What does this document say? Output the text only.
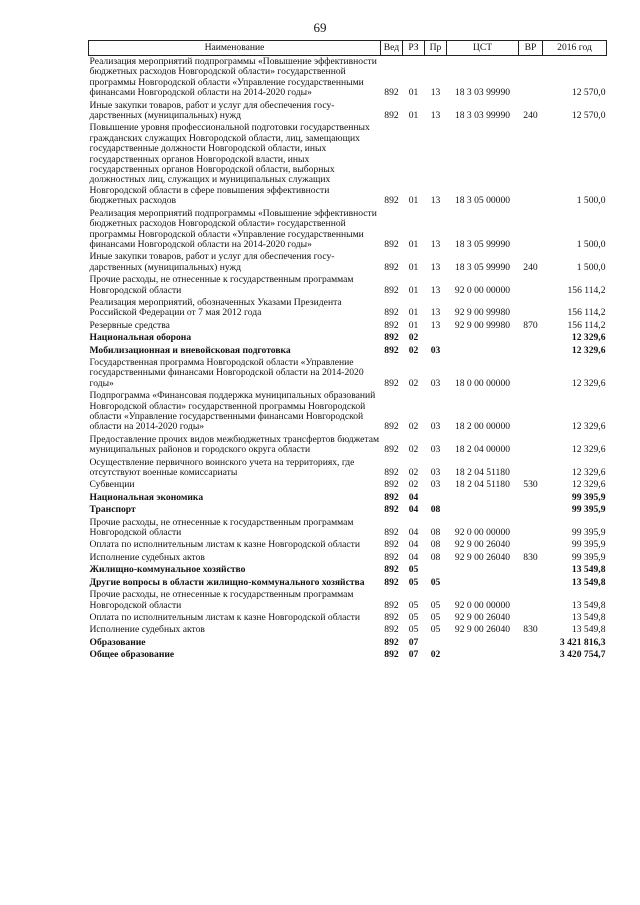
69
Наименование	Вед	РЗ	Пр	ЦСТ	ВР	2016 год
Реализация мероприятий подпрограммы «Повышение эффективности бюджетных расходов Новгородской области» государственной программы Новгородской области «Управление государственными финансами Новгородской области на 2014-2020 годы»	892	01	13	18 3 03 99990		12 570,0
Иные закупки товаров, работ и услуг для обеспечения государственных (муниципальных) нужд	892	01	13	18 3 03 99990	240	12 570,0
Повышение уровня профессиональной подготовки государственных гражданских служащих Новгородской области, лиц, замещающих государственные должности Новгородской области, иных государственных органов Новгородской власти, иных государственных органов Новгородской области, выборных должностных лиц, служащих и муниципальных служащих Новгородской области в сфере повышения эффективности бюджетных расходов	892	01	13	18 3 05 00000		1 500,0
Реализация мероприятий подпрограммы «Повышение эффективности бюджетных расходов Новгородской области» государственной программы Новгородской области «Управление государственными финансами Новгородской области на 2014-2020 годы»	892	01	13	18 3 05 99990		1 500,0
Иные закупки товаров, работ и услуг для обеспечения государственных (муниципальных) нужд	892	01	13	18 3 05 99990	240	1 500,0
Прочие расходы, не отнесенные к государственным программам Новгородской области	892	01	13	92 0 00 00000		156 114,2
Реализация мероприятий, обозначенных Указами Президента Российской Федерации от 7 мая 2012 года	892	01	13	92 9 00 99980		156 114,2
Резервные средства	892	01	13	92 9 00 99980	870	156 114,2
Национальная оборона	892	02				12 329,6
Мобилизационная и вневойсковая подготовка	892	02	03			12 329,6
Государственная программа Новгородской области «Управление государственными финансами Новгородской области на 2014-2020 годы»	892	02	03	18 0 00 00000		12 329,6
Подпрограмма «Финансовая поддержка муниципальных образований Новгородской области» государственной программы Новгородской области «Управление государственными финансами Новгородской области на 2014-2020 годы»	892	02	03	18 2 00 00000		12 329,6
Предоставление прочих видов межбюджетных трансфертов бюджетам муниципальных районов и городского округа области	892	02	03	18 2 04 00000		12 329,6
Осуществление первичного воинского учета на территориях, где отсутствуют военные комиссариаты	892	02	03	18 2 04 51180		12 329,6
Субвенции	892	02	03	18 2 04 51180	530	12 329,6
Национальная экономика	892	04				99 395,9
Транспорт	892	04	08			99 395,9
Прочие расходы, не отнесенные к государственным программам Новгородской области	892	04	08	92 0 00 00000		99 395,9
Оплата по исполнительным листам к казне Новгородской области	892	04	08	92 9 00 26040		99 395,9
Исполнение судебных актов	892	04	08	92 9 00 26040	830	99 395,9
Жилищно-коммунальное хозяйство	892	05				13 549,8
Другие вопросы в области жилищно-коммунального хозяйства	892	05	05			13 549,8
Прочие расходы, не отнесенные к государственным программам Новгородской области	892	05	05	92 0 00 00000		13 549,8
Оплата по исполнительным листам к казне Новгородской области	892	05	05	92 9 00 26040		13 549,8
Исполнение судебных актов	892	05	05	92 9 00 26040	830	13 549,8
Образование	892	07				3 421 816,3
Общее образование	892	07	02			3 420 754,7
